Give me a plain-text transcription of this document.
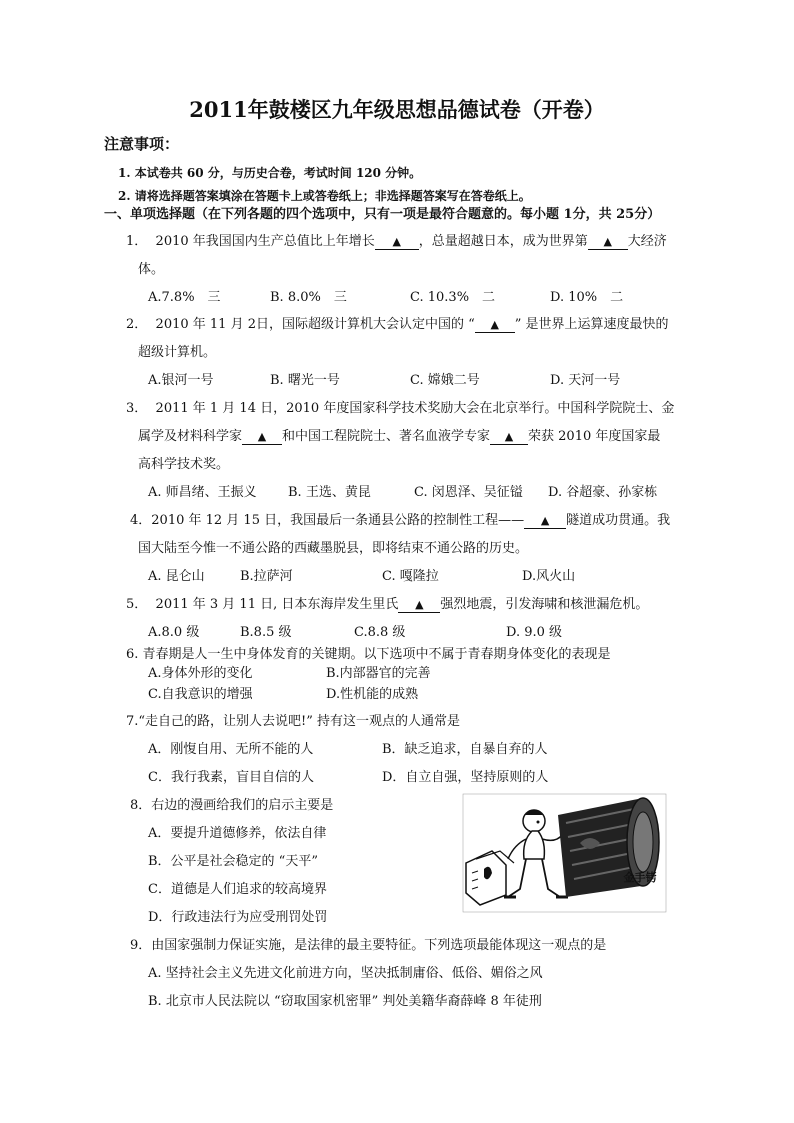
2011年鼓楼区九年级思想品德试卷（开卷）
注意事项：
1. 本试卷共 60 分，与历史合卷，考试时间 120 分钟。
2. 请将选择题答案填涂在答题卡上或答卷纸上；非选择题答案写在答卷纸上。
一、单项选择题（在下列各题的四个选项中，只有一项是最符合题意的。每小题 1分，共 25分）
1． 2010 年我国国内生产总值比上年增长 ▲ ，总量超越日本，成为世界第 ▲ 大经济
体。
A.7.8%　三	B. 8.0%　三	C. 10.3%　二	D. 10%　二
2． 2010 年 11 月 2日，国际超级计算机大会认定中国的 “ ▲ ” 是世界上运算速度最快的
超级计算机。
A.银河一号	B. 曙光一号	C. 嫦娥二号	D. 天河一号
3． 2011 年 1 月 14 日，2010 年度国家科学技术奖励大会在北京举行。中国科学院院士、金
属学及材料科学家 ▲ 和中国工程院院士、著名血液学专家 ▲ 荣获 2010 年度国家最
高科学技术奖。
A. 师昌绪、王振义 B. 王选、黄昆	C. 闵恩泽、吴征镒 D. 谷超豪、孙家栋
4．2010 年 12 月 15 日，我国最后一条通县公路的控制性工程—— ▲ 隧道成功贯通。我
国大陆至今惟一不通公路的西藏墨脱县，即将结束不通公路的历史。
A. 昆仑山	B.拉萨河	C. 嘎隆拉	D.风火山
5． 2011 年 3 月 11 日, 日本东海岸发生里氏 ▲ 强烈地震，引发海啸和核泄漏危机。
A.8.0 级	B.8.5 级	C.8.8 级	D. 9.0 级
6. 青春期是人一生中身体发育的关键期。以下选项中不属于青春期身体变化的表现是
A.身体外形的变化	B.内部器官的完善
C.自我意识的增强	D.性机能的成熟
7.“走自己的路，让别人去说吧!” 持有这一观点的人通常是
A．刚愎自用、无所不能的人	B．缺乏追求，自暴自弃的人
C．我行我素，盲目自信的人	D．自立自强，坚持原则的人
8．右边的漫画给我们的启示主要是
A．要提升道德修养，依法自律
B．公平是社会稳定的 “天平”
C．道德是人们追求的较高境界
D．行政违法行为应受刑罚处罚
金手铐
9．由国家强制力保证实施，是法律的最主要特征。下列选项最能体现这一观点的是
A. 坚持社会主义先进文化前进方向，坚决抵制庸俗、低俗、媚俗之风
B. 北京市人民法院以 “窃取国家机密罪” 判处美籍华裔薛峰 8 年徒刑
